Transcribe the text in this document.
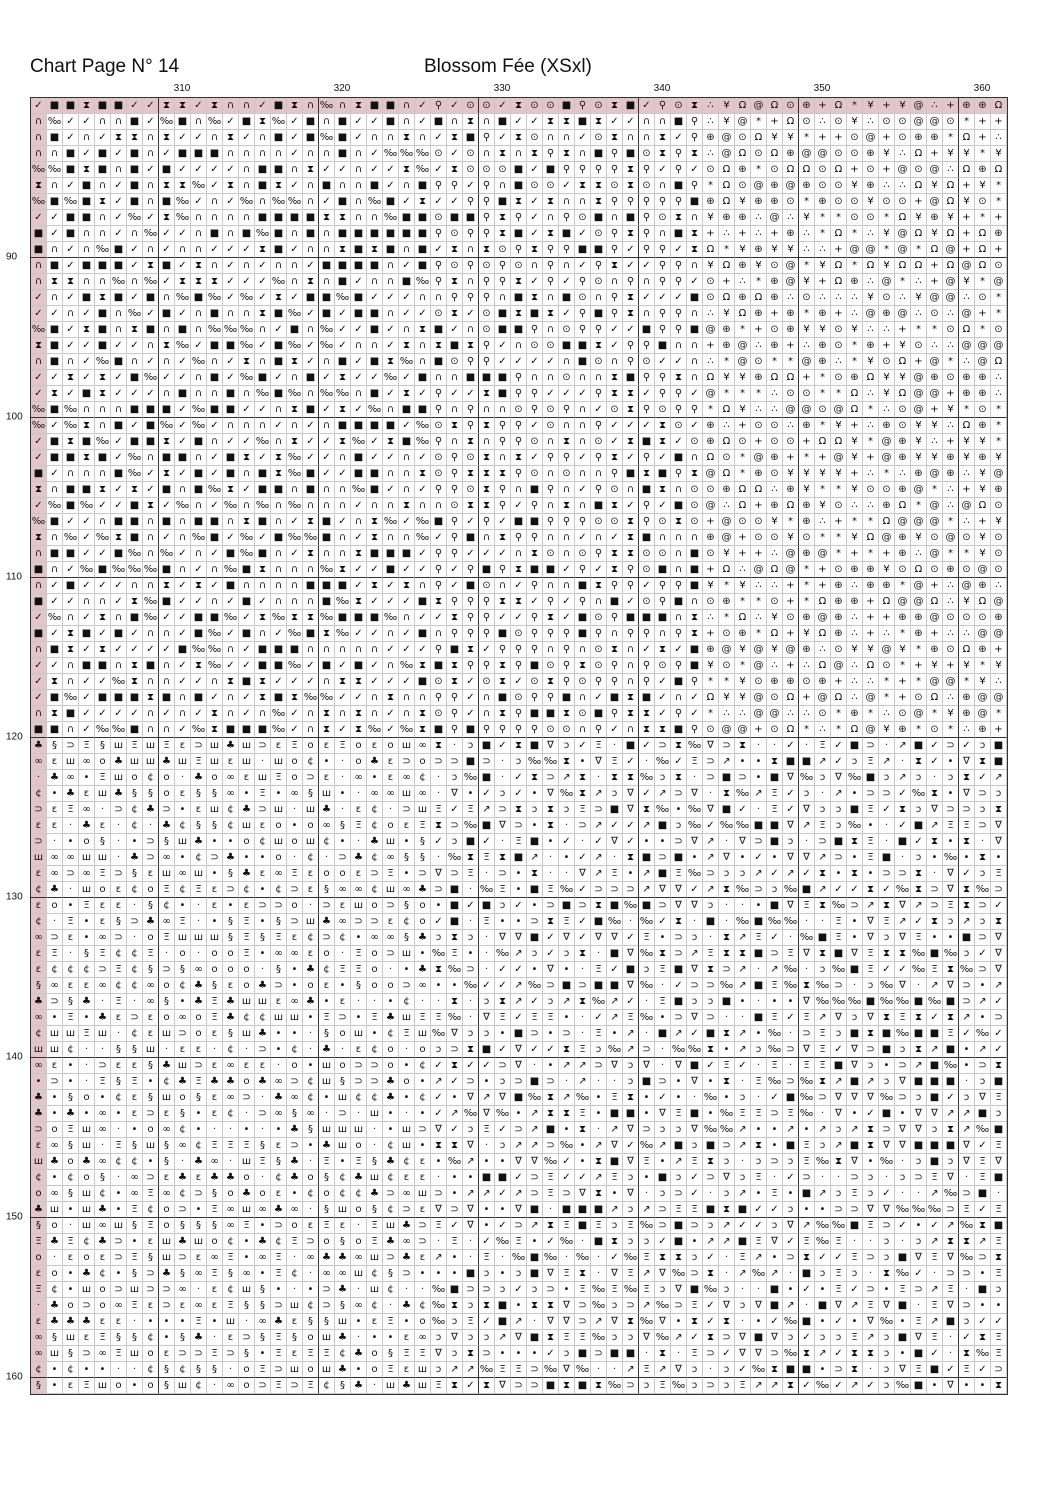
Chart Page N° 14	Blossom Fée (XSxl)
310	320	330	340	350	360
90
100
110
120
130
140
150
160
✓ ■ ■ ⧗ ■ ■ ✓ ✓ ⧗ ⧗ ✓ ⧗ ∩ ∩ ✓ ■ ⧗ ∩ ‰ ∩ ⧗ ■ ■ ∩ ✓ ⚲ ✓ ⊙ ⊙ ✓ ⧗ ⊙ ⊙ ■ ⚲ ⊙ ⧗ ■ ✓ ⚲ ⊙ ⧗ ∴ ¥ Ω @ Ω ⊙ ⊕ + Ω *	¥ + ¥ @ ∴ + ⊕ ⊕ Ω
∩ ‰ ✓ ✓ ∩ ∩ ■ ✓ ‰ ■ ∩ ‰ ✓ ■ ⧗ ‰ ✓ ■ ∩ ■ ✓ ✓ ■ ∩ ✓ ■ ∩ ⧗ ∩ ■ ✓ ✓ ⧗ ⧗ ■ ⧗ ✓ ✓ ∩ ∩ ■ ⚲ ∴ ¥ @ * + Ω ⊙ ∴ ⊙ ¥ ∴ ⊙ ⊙ @ @ ⊙ * + +
∩ ■ ✓ ∩ ✓ ⧗ ⧗ ∩ ⧗ ✓ ✓ ∩ ⧗ ✓ ∩ ■ ✓ ■ ‰ ■ ✓ ∩ ∩ ⧗ ∩ ✓ ⧗ ■ ⚲ ✓ ⧗ ⊙ ∩ ∩ ✓ ⊙ ⧗ ∩ ∩ ⧗ ✓ ⚲ ⊕ @ ⊙ Ω ¥ ¥	* + + ⊙ @ + ⊙ ⊕ ⊕ * Ω + ∴
∩ ∩ ■ ✓ ■ ✓ ■ ∩ ✓ ■ ■ ■ ∩ ∩ ∩ ∩ ✓ ∩ ∩ ■ ∩ ✓ ‰ ‰ ‰ ⊙ ✓ ⊙ ∩ ⧗ ∩ ⧗ ⚲ ⧗ ∩ ■ ⚲ ■ ⊙ ⧗ ⚲ ⧗ ∴ @ Ω ⊙ Ω ⊕ @ @ ⊙ ⊙ ⊕ ¥ ∴ Ω + ¥ ¥	*	¥
‰ ‰ ■ ⧗ ■ ∩ ■ ✓ ■ ✓ ✓ ✓ ✓ ∩ ■ ■ ∩ ⧗ ✓ ✓ ∩ ✓ ✓ ⧗ ‰ ✓ ⧗ ⊙ ⊙ ⊙ ■ ✓ ■ ⚲ ⚲ ⚲ ⚲ ⧗ ⚲ ✓ ⚲ ✓ ⊙ Ω ⊕ * ⊙ Ω Ω ⊙ Ω + ⊙ + @ ⊙ @ ∴ Ω ⊕ Ω
⧗ ∩ ✓ ■ ∩ ✓ ■ ∩ ⧗ ⧗ ‰ ✓ ⧗ ∩ ■ ⧗ ✓ ∩ ■ ∩ ∩ ■ ✓ ∩ ■ ⚲ ⚲ ✓ ⚲ ∩ ■ ⊙ ⊙ ✓ ⧗ ⧗ ⊙ ⧗ ⊙ ∩ ■ ⚲ * Ω ⊙ @ ⊕ @ ⊕ ⊙ ⊙ ¥ ⊕ ∴ ∴ Ω ¥ Ω + ¥	*
‰ ■ ‰ ■ ⧗ ✓ ■ ∩ ■ ‰ ✓ ∩ ✓ ‰ ∩ ‰ ‰ ∩ ✓ ■ ∩ ‰ ■ ✓ ⧗ ✓ ✓ ⚲ ⚲ ■ ⧗ ✓ ⧗ ∩ ∩ ⧗ ⚲ ⚲ ⚲ ⚲ ⚲ ■ ⊕ Ω ¥ ⊕ ⊕ ⊙ * ⊕ ⊙ ⊙ ¥ ⊙ ⊙ + @ Ω ¥ ⊙ *
✓ ✓ ■ ■ ∩ ✓ ‰ ✓ ⧗ ‰ ∩ ∩ ∩ ∩ ■ ■ ■ ■ ⧗ ⧗ ∩ ∩ ‰ ■ ■ ⊙ ■ ■ ⚲ ⧗ ⚲ ✓ ∩ ⚲ ⊙ ■ ∩ ■ ⚲ ⊙ ⧗ ∩ ¥ ⊕ ⊕ ∴ @ ∴ ¥	*	* ⊙ ⊙ * Ω ¥ ⊕ ¥ + * +
■ ✓ ■ ∩ ∩ ✓ ∩ ‰ ✓ ✓ ∩ ■ ∩ ■ ‰ ■ ∩ ■ ∩ ■ ■ ■ ■ ■ ■ ⚲ ⊙ ⚲ ⚲ ⧗ ■ ✓ ⧗ ■ ✓ ⊙ ⚲ ⧗ ⚲ ∩ ■ ⧗ + ∴ + ∴ + ⊕ ∴	* Ω *	∴ ¥ @ Ω ¥ Ω + Ω ⊕
■ ∩ ✓ ∩ ‰ ■ ✓ ∩ ✓ ∩ ∩ ✓ ✓ ✓ ⧗ ■ ✓ ∩ ∩ ⧗ ■ ⧗ ■ ∩ ■ ✓ ⧗ ∩ ⧗ ⊙ ⚲ ⧗ ⚲ ⚲ ■ ■ ⚲ ✓ ⚲ ⚲ ✓ ⧗ Ω *	¥ ⊕ ¥ ¥ ∴ ∴ + @ @ * @ * Ω @ + Ω +
∩ ■ ✓ ■ ■ ■ ✓ ⧗ ■ ✓ ⧗ ∩ ✓ ∩ ✓ ∩ ∩ ✓ ■ ■ ■ ■ ∩ ✓ ■ ⚲ ⊙ ⚲ ⊙ ⚲ ⊙ ∩ ⚲ ∩ ✓ ⚲ ⧗ ✓ ✓ ⚲ ⚲ ∩ ¥ Ω ⊕ ¥ ⊙ @ *	¥ Ω * Ω ¥ Ω Ω + Ω @ Ω ⊙
∩ ⧗ ⧗ ∩ ∩ ‰ ∩ ‰ ✓ ⧗ ⧗ ⧗ ✓ ✓ ✓ ‰ ∩ ⧗ ∩ ■ ✓ ∩ ∩ ■ ‰ ⚲ ⧗ ∩ ⚲ ⚲ ⧗ ✓ ⚲ ✓ ⚲ ⊙ ∩ ⚲ ∩ ⚲ ⚲ ✓ ⊙ + ∴	* ⊕ @ ¥ + Ω ⊕ ∴ @ *	∴ + @ ¥	* @
✓ ∩ ✓ ■ ⧗ ■ ✓ ■ ∩ ‰ ■ ‰ ✓ ‰ ✓ ⧗ ✓ ■ ■ ‰ ■ ✓ ✓ ✓ ∩ ∩ ⚲ ⚲ ⚲ ∩ ■ ⧗ ∩ ■ ⊙ ∩ ⚲ ⧗ ✓ ✓ ✓ ■ ⊙ Ω ⊕ Ω ⊕ ∴ ⊙ ∴ ∴ ∴ ¥ ⊙ ∴ ¥ @ @ ∴ ⊙ *
✓ ✓ ∩ ✓ ■ ∩ ‰ ✓ ■ ✓ ∩ ■ ∩ ∩ ⧗ ■ ‰ ✓ ■ ✓ ■ ■ ∩ ✓ ✓ ⊙ ⧗ ✓ ⊙ ■ ⧗ ■ ⧗ ✓ ⚲ ■ ⚲ ⧗ ∩ ⚲ ⚲ ∩ ∴ ¥ Ω ⊕ + ⊕ * ⊕ + ∴ @ ⊕ @ ∴ ⊙ ∴ @ + *
‰ ■ ✓ ⧗ ■ ∩ ⧗ ■ ∩ ■ ∩ ‰ ‰ ‰ ∩ ✓ ■ ∩ ‰ ✓ ✓ ■ ✓ ∩ ⧗ ■ ✓ ∩ ⊙ ■ ■ ⚲ ∩ ⊙ ⚲ ⚲ ✓ ✓ ■ ⚲ ⚲ ■ @ ⊕ * + ⊙ ⊕ ¥ ¥ ⊙ ¥ ∴ ∴ + *	* ⊙ Ω * ⊙
⧗ ■ ✓ ✓ ■ ✓ ✓ ∩ ⧗ ‰ ✓ ■ ■ ‰ ✓ ■ ‰ ✓ ‰ ✓ ∩ ∩ ✓ ⧗ ∩ ⧗ ■ ⧗ ⚲ ✓ ∩ ⊙ ⊙ ■ ■ ⧗ ✓ ⚲ ⚲ ■ ∩ ∩ + ⊕ @ ∴ ⊕ + ∴ ⊕ ⊙ * ⊕ + ¥ ⊙ ∴ ∴ @ @ @
∩ ■ ∩ ✓ ‰ ■ ∩ ✓ ∩ ✓ ‰ ∩ ✓ ⧗ ∩ ■ ⧗ ✓ ∩ ■ ✓ ■ ⧗ ‰ ∩ ■ ⊙ ⚲ ⚲ ✓ ✓ ✓ ✓ ∩ ■ ⊙ ∩ ⚲ ⊙ ✓ ✓ ∩ ∴	* @ ⊙ *	* @ ⊕ ∴	*	¥ ⊙ Ω + @ *	∴ @ Ω
✓ ✓ ⧗ ✓ ⧗ ✓ ■ ‰ ✓ ✓ ∩ ■ ✓ ‰ ■ ✓ ∩ ■ ✓ ⧗ ✓ ✓ ‰ ✓ ■ ∩ ∩ ■ ■ ■ ⚲ ∩ ∩ ⊙ ∩ ∩ ⧗ ■ ⚲ ⚲ ⧗ ∩ Ω ¥ ¥ ⊕ Ω Ω + * ⊙ ⊕ Ω ¥ ¥ @ ⊕ ⊙ ⊕ ⊕ ∴
✓ ⧗ ✓ ■ ⧗ ✓ ✓ ✓ ∩ ■ ∩ ∩ ■ ∩ ‰ ■ ‰ ∩ ‰ ‰ ∩ ■ ✓ ⧗ ✓ ⚲ ✓ ✓ ⧗ ■ ⚲ ⚲ ✓ ✓ ✓ ⚲ ⧗ ⧗ ✓ ⚲ ⚲ ✓ @ *	*	*	∴ ⊙ ⊙ *	* Ω ∴ ¥ Ω @ @ + ⊕ ⊕ ∴
‰ ■ ‰ ∩ ∩ ∩ ■ ■ ■ ✓ ‰ ■ ■ ✓ ✓ ∩ ⧗ ■ ✓ ⧗ ✓ ‰ ∩ ■ ■ ⚲ ∩ ⚲ ∩ ∩ ⊙ ⚲ ⊙ ⚲ ∩ ✓ ⊙ ⧗ ⚲ ⊙ ⚲ ⚲ * Ω ¥ ∴ ∴ @ @ ⊙ @ Ω *	∴ ⊙ @ + ¥	* ⊙ *
‰ ✓ ‰ ⧗ ∩ ■ ✓ ■ ‰ ✓ ‰ ✓ ∩ ∩ ∩ ✓ ∩ ✓ ∩ ■ ■ ■ ■ ✓ ‰ ⊙ ⧗ ⚲ ⧗ ⚲ ⚲ ✓ ⊙ ∩ ∩ ⚲ ✓ ✓ ✓ ⧗ ⊙ ✓ ⊕ ∴ + ⊙ ⊙ ∴ ⊕ *	¥ + ∴ ⊕ ⊙ ¥ ¥ ∴ Ω ⊕ *
✓ ■ ⧗ ■ ‰ ✓ ■ ■ ⧗ ✓ ■ ∩ ✓ ✓ ‰ ∩ ⧗ ✓ ✓ ⧗ ‰ ✓ ⧗ ■ ‰ ⚲ ∩ ⧗ ∩ ⚲ ⚲ ⊙ ∩ ⧗ ∩ ⊙ ✓ ⧗ ■ ⧗ ✓ ⊙ ⊕ Ω ⊙ + ⊙ ⊙ + Ω Ω ¥	* @ ⊕ ¥ ∴ + ¥ ¥	*
✓ ■ ■ ⧗ ■ ✓ ‰ ∩ ■ ■ ∩ ✓ ■ ⧗ ✓ ⧗ ‰ ✓ ✓ ∩ ■ ✓ ✓ ∩ ✓ ⊙ ⚲ ⊙ ⧗ ∩ ⧗ ✓ ⚲ ⚲ ✓ ⚲ ⧗ ✓ ⚲ ✓ ■ ∩ Ω ⊙ * @ ⊕ + * + @ ¥ + @ ⊕ ¥ ¥ ⊕ ¥ ⊕ ¥
■ ✓ ∩ ∩ ∩ ■ ‰ ✓ ⧗ ✓ ■ ✓ ■ ∩ ■ ⧗ ‰ ■ ✓ ✓ ■ ■ ∩ ∩ ⧗ ⊙ ⚲ ⧗ ⧗ ⧗ ⚲ ⊙ ∩ ⊙ ∩ ∩ ⚲ ■ ⧗ ■ ⚲ ⧗ @ Ω * ⊕ ⊙ ¥ ¥ ¥ ¥ + ∴	*	∴ ⊕ @ ⊕ ∴ ¥ @
⧗ ∩ ■ ■ ⧗ ✓ ⧗ ✓ ■ ∩ ■ ‰ ⧗ ✓ ■ ■ ∩ ■ ∩ ∩ ‰ ■ ✓ ∩ ✓ ⚲ ⚲ ⊙ ⧗ ⚲ ∩ ■ ⚲ ∩ ✓ ⚲ ⊙ ∩ ■ ⧗ ∩ ⊙ ⊙ ⊕ Ω Ω ∴ ⊕ ¥	*	*	¥ ⊙ ⊙ ⊕ @ *	∴ + ¥ ⊕
✓ ‰ ■ ‰ ✓ ✓ ■ ⧗ ✓ ‰ ∩ ✓ ‰ ∩ ‰ ∩ ‰ ∩ ∩ ∩ ✓ ∩ ∩ ⧗ ∩ ∩ ⊙ ⧗ ⧗ ⚲ ✓ ⚲ ∩ ⧗ ∩ ■ ⧗ ✓ ⚲ ✓ ■ ⊙ @ ∴ Ω + ⊕ Ω ⊕ ¥ ⊙ ∴ ∴ ⊕ Ω * @ ∴ @ Ω ⊙
‰ ■ ✓ ✓ ∩ ■ ■ ∩ ■ ∩ ■ ■ ∩ ⧗ ■ ∩ ✓ ⧗ ■ ✓ ∩ ⧗ ‰ ✓ ‰ ■ ⚲ ✓ ⚲ ✓ ■ ■ ⚲ ⚲ ⚲ ⊙ ⊙ ⧗ ⚲ ⊙ ⧗ ⊙ + @ ⊙ ⊙ ¥	* ⊕ ∴ + *	* Ω @ @ @ *	∴ + ¥
⧗ ∩ ‰ ✓ ‰ ⧗ ■ ∩ ✓ ∩ ‰ ■ ✓ ‰ ✓ ■ ‰ ‰ ■ ∩ ✓ ⧗ ∩ ∩ ‰ ✓ ⚲ ■ ∩ ⧗ ⚲ ⚲ ∩ ∩ ✓ ∩ ✓ ⧗ ■ ∩ ∩ ∩ ⊕ @ + ⊙ ⊙ ¥ ⊙ *	*	¥ Ω @ ⊕ ¥ ⊙ @ ⊙ ¥ ⊙
∩ ■ ■ ✓ ✓ ■ ‰ ∩ ‰ ✓ ∩ ✓ ■ ‰ ■ ∩ ✓ ⧗ ∩ ∩ ⧗ ■ ■ ■ ✓ ⚲ ⚲ ✓ ✓ ✓ ∩ ⧗ ⊙ ∩ ⊙ ⚲ ⧗ ⧗ ⊙ ⊙ ∩ ■ ⊙ ¥ + + ∴ @ ⊕ @ * + * + ⊕ ∴ @ *	*	¥ ⊙
■ ∩ ✓ ‰ ■ ‰ ‰ ‰ ■ ∩ ✓ ∩ ‰ ■ ⧗ ∩ ∩ ∩ ‰ ⧗ ✓ ✓ ■ ✓ ✓ ⚲ ✓ ⚲ ■ ⚲ ⧗ ■ ■ ✓ ⚲ ✓ ⧗ ⚲ ⊙ ■ ∩ ■ + Ω ∴ @ Ω @ * + ⊙ ⊕ ⊕ ¥ ⊙ Ω ⊙ ⊕ ⊙ @ ⊙
∩ ✓ ■ ✓ ✓ ✓ ∩ ∩ ⧗ ✓ ⧗ ✓ ■ ∩ ∩ ∩ ∩ ■ ■ ■ ✓ ⧗ ✓ ⧗ ∩ ⚲ ✓ ■ ⊙ ∩ ✓ ⚲ ∩ ∩ ■ ⧗ ⚲ ⚲ ✓ ⚲ ⚲ ■ ¥	*	¥ ∴ ∴ + * + ⊕ ∴ ⊕ ⊕ * @ + ∴ @ ⊕ ∴
■ ✓ ✓ ∩ ∩ ✓ ⧗ ‰ ■ ✓ ✓ ∩ ✓ ■ ✓ ∩ ∩ ∩ ■ ‰ ⧗ ✓ ✓ ✓ ■ ⧗ ⚲ ⚲ ⚲ ⧗ ⧗ ✓ ⚲ ✓ ⚲ ∩ ■ ✓ ⊙ ⚲ ■ ∩ ⊙ ⊕ *	* ⊙ + * Ω ⊕ ⊕ + Ω @ @ Ω ∴ ¥ Ω @
✓ ‰ ∩ ✓ ⧗ ∩ ■ ‰ ✓ ✓ ■ ■ ‰ ✓ ⧗ ‰ ⧗ ⧗ ‰ ■ ■ ■ ‰ ∩ ✓ ✓ ⧗ ⚲ ⚲ ✓ ✓ ⚲ ⧗ ✓ ■ ⊙ ⚲ ■ ■ ■ ∩ ⧗ ∴	* Ω ∴ ¥ ⊙ ⊕ @ ⊕ ∴ + + ⊕ ⊕ @ ⊙ ⊙ ⊙ ⊕
■ ✓ ⧗ ■ ✓ ■ ✓ ∩ ∩ ✓ ■ ‰ ✓ ■ ∩ ✓ ‰ ■ ⧗ ‰ ✓ ✓ ∩ ✓ ■ ∩ ⚲ ⚲ ⚲ ■ ⊙ ⚲ ⚲ ⚲ ■ ⚲ ∩ ⚲ ⚲ ∩ ⚲ ⧗ + ⊙ ⊕ * Ω + ¥ Ω ⊕ ∴ + ∴	* ⊕ + ∴ ∴ @ @
∩ ■ ⧗ ✓ ⧗ ✓ ✓ ✓ ✓ ■ ‰ ‰ ∩ ✓ ■ ■ ■ ∩ ∩ ∩ ∩ ∩ ✓ ✓ ✓ ⚲ ■ ⧗ ✓ ⚲ ⚲ ⚲ ∩ ⚲ ∩ ⊙ ⧗ ∩ ✓ ⧗ ✓ ■ ⊕ @ ¥ @ ¥ @ ⊕ ∴ ⊙ ¥ ¥ @ ¥	* ⊕ ⊙ Ω ⊕ +
✓ ✓ ∩ ■ ■ ∩ ⧗ ■ ∩ ✓ ⧗ ‰ ✓ ✓ ■ ■ ‰ ✓ ■ ✓ ■ ✓ ∩ ‰ ⧗ ■ ⧗ ⚲ ⚲ ⧗ ⚲ ■ ⊙ ⚲ ⧗ ⊙ ⚲ ∩ ⚲ ⊙ ⚲ ■ ¥ ⊙ * @ ∴ + ∴ Ω @ ∴ Ω ⊙ * + ¥ + ¥	*	¥
✓ ⧗ ∩ ✓ ✓ ‰ ⧗ ∩ ∩ ✓ ✓ ∩ ⧗ ■ ⧗ ✓ ✓ ✓ ∩ ⧗ ⧗ ✓ ✓ ✓ ■ ⊙ ⧗ ✓ ⊙ ⧗ ✓ ⊙ ⧗ ⚲ ⊙ ⚲ ⚲ ∩ ⚲ ✓ ■ ⚲ *	*	¥ ⊙ ⊕ ⊕ ⊙ ⊕ + ∴ ∴	* + * @ @ *	¥ ∴
✓ ■ ‰ ✓ ■ ■ ■ ⧗ ■ ∩ ■ ✓ ∩ ✓ ⧗ ■ ⧗ ‰ ‰ ✓ ✓ ∩ ⧗ ∩ ∩ ⚲ ⚲ ✓ ∩ ■ ⊙ ⚲ ⚲ ■ ∩ ✓ ■ ⧗ ■ ✓ ∩ ✓ Ω ¥ ¥ @ ⊙ Ω + @ Ω ∴ @ * + ⊙ Ω ∴ ⊕ @ @
∩ ⧗ ■ ✓ ✓ ✓ ✓ ∩ ✓ ∩ ✓ ⧗ ∩ ✓ ∩ ‰ ✓ ∩ ⧗ ∩ ⧗ ∩ ✓ ∩ ⧗ ⊙ ⚲ ✓ ∩ ⧗ ⚲ ■ ■ ⧗ ⊙ ■ ⚲ ⧗ ⧗ ✓ ⚲ ✓ *	∴ ∴ @ @ ∴ ∴ ⊙ * ⊕ *	∴ ⊙ @ *	¥ ⊕ @ *
■ ■ ∩ ✓ ‰ ‰ ■ ∩ ∩ ✓ ‰ ⧗ ■ ■ ■ ‰ ✓ ∩ ⧗ ✓ ⧗ ‰ ✓ ‰ ⧗ ■ ⚲ ■ ⚲ ⚲ ⚲ ⚲ ⊙ ⊙ ∩ ⚲ ✓ ∩ ⧗ ⧗ ■ ⚲ ⊙ @ @ + ⊙ Ω *	∴	* Ω @ ¥ ⊕ * ⊙ *	∴ ⊕ +
♣ § ⊃ Ξ	§ ш Ξ ш Ξ	ε ⊃ ш ♣ ш ⊃ ε	Ξ o	ε	Ξ o	ε	o ш ∞ ⧗	·	ɔ ■ ✓ ⧗ ■ ∇ ɔ ✓ Ξ	· ■ ✓ ⊃ ⧗ ‰ ∇ ⊃ ⧗	·	·	✓	·	Ξ ✓ ■ ⊃	·	↗ ■ ✓ ⊃ ✓ ɔ ■
∞ ε ш ∞ o ♣ ш ш ♣ ш Ξ ш ε ш · ш o ¢ •	·	o ♣ ε ⊃ o ⊃ ⊃ ■ ⊃	·	ɔ ‰ ‰ ⧗ • ∇ Ξ ✓	· ‰ ✓ Ξ ⊃ ↗ •	• ⧗ ■ ■ ↗ ✓ ɔ	Ξ ↗	·	⧗ ✓ • ∇ ⧗ ■
· ♣ ∞ • Ξ ш o ¢ o	· ♣ o ∞ ε ш Ξ o ⊃ ε	·	∞ •	ε ∞ ¢	·	ɔ ‰ ■ ·	✓ ⧗ ⊃ ↗ ⧗	·	⧗ ⧗ ‰ ɔ ⧗	·	⊃ ■ ⊃ • ■ ∇ ‰ ɔ ∇ ‰ ■ ɔ ↗ ɔ	·	ɔ ⧗ ✓ ↗
¢ • ♣ ε ш ♣ §	§	o	ε	§	§ ∞ • Ξ • ∞ § ш •	·	∞ ∞ ш ∞	·	∇ • ✓ ɔ ✓ • ∇ ‰ ⧗ ↗ ɔ ∇ ✓ ↗ ⊃ ∇	·	⧗ ‰ ↗ Ξ ✓ ɔ	·	↗ • ⊃ ⊃ ✓ ‰ ⧗ • ∇ ⊃ ɔ
⊃ ε	Ξ ∞	·	⊃ ¢ ♣ ⊃ •	ε ш ¢ ♣ ⊃ ш · ш ♣ ·	ε	¢	·	⊃ ш Ξ ✓ Ξ ↗ ⊃ ⧗ ɔ ⧗ ɔ	Ξ ⊃ ■ ∇ ⧗ ‰ • ‰ ∇ ■ ✓	·	Ξ ✓ ∇ ɔ	ɔ ■ Ξ ✓ ⧗ ɔ ∇ ⊃ ⊃ ɔ ⧗
ε	ε	· ♣ ε	·	¢	· ♣ ¢	§	§	¢ ш ε	o • o ∞ §	Ξ ¢ o	ε	Ξ ⧗ ⊃ ‰ ■ ∇ ⊃ • ⧗	·	⊃ ↗ ✓ ✓ ↗ ■ ɔ ‰ ✓ ‰ ‰ ■ ■ ∇ ↗ Ξ	ɔ ‰ •	·	✓ ■ ↗ Ξ Ξ ⊃ ∇
⊃	·	• o	§	·	• ⊃ § ш ♣ •	• o ¢ ш o ш ¢ •	· ♣ ш •	§ ✓ ɔ ■ ✓	·	Ξ ■ • ✓	·	✓ ∇ ✓ •	• ⊃ ∇ ↗	·	∇ ⊃ ■ ɔ	·	⊃ ■ ⧗ Ξ	· ■ ✓ ⧗ • ⧗	·	∇
ш ∞ ∞ ш ш · ♣ ⊃ ∞ • ¢ ⊃ ♣ •	• o	·	¢	·	⊃ ♣ ¢ ∞ §	§	· ‰ ⧗ Ξ ⧗ ■ ↗	·	• ✓ ↗	·	⧗ ■ ⊃ ■ • ↗ ∇ • ✓ • ∇ ∇ ↗ ⊃ • Ξ ■ ·	ɔ	• ‰ • ⧗ •
ε ∞ ⊃ ∞ Ξ ⊃ §	ε ш ∞ ш •	§ ♣ ε ∞ Ξ	ε	o o	ε ⊃ Ξ • ⊃ ∇ ⊃ Ξ	·	⊃ • ⧗	·	·	∇ ↗ Ξ • ↗ ■ Ξ ‰ ⊃ ɔ	ɔ ↗ ✓ ↗ ✓ ⧗ • ⧗ • ⊃ ⊃ ⧗	·	∇ ✓ ɔ	Ξ
¢ ♣ · ш o	ε	¢ o Ξ ¢ Ξ	ε ⊃ ¢ • ¢ ⊃ ε	§ ∞ ∞ ¢ ш ∞ ♣ ⊃ ■ · ‰ Ξ • ■ Ξ ‰ ✓ ⊃ ⊃ ⊃ ↗ ∇ ∇ ✓ ↗ ⧗ ‰ ⊃ ɔ ‰ ■ ↗ ✓ ✓ ⧗ ✓ ‰ ⧗ ⊃ ∇ ⧗ ‰ ⊃
ε	o • Ξ	ε	ε	·	§	¢ •	·	ε	•	ε ⊃ ⊃ o	·	⊃ ε ш o ⊃ §	o • ■ ✓ ■ ɔ ✓ • ⊃ ■ ⊃ ⧗ ■ ‰ ■ ⊃ ∇ ∇ ɔ	·	·	• ■ ∇ Ξ ⧗ ‰ ⊃ ↗ ⧗ ∇ ↗ ⊃ Ξ ⧗ ⊃ ✓
¢	·	Ξ •	ε	§ ⊃ ♣ ∞ Ξ	·	•	§	Ξ •	§ ⊃ ш ♣ ∞ ⊃ ⊃ ε	¢ o ✓ ■ ·	Ξ •	• ⊃ ⧗ Ξ ✓ ■ ‰ · ‰ ✓ ⧗	· ■ · ‰ ■ ‰ ‰ ·	·	Ξ • ∇ Ξ ↗ ✓ ⧗ ɔ ↗ ɔ ⧗
∞ ⊃ ε	• ∞ ⊃	·	o Ξ ш ш ш §	Ξ	§	Ξ	ε	¢ ⊃ ¢ • ∞ ∞ § ♣ ɔ ⧗ ɔ	·	∇ ∇ ■ ✓ ∇ ✓ ∇ ∇ ✓ Ξ • ⊃ ɔ	·	⧗ ↗ Ξ ✓	· ‰ ■ Ξ • ∇ ɔ ∇ Ξ •	• ■ ⊃ ∇
ε	Ξ	·	§	Ξ ¢ ¢ Ξ	·	o	·	o o Ξ • ∞ ∞ ε	o	·	Ξ o ⊃ ш • ‰ Ξ •	· ‰ ↗ ɔ ✓ ɔ ⧗	· ■ ∇ ‰ ⧗ ⊃ ↗ Ξ ⧗ ⧗ ■ ⊃ Ξ ∇ ⧗ ■ ∇ Ξ ⧗ ⧗ ‰ ■ ‰ ɔ ✓ ∇
ε	¢ ¢ ¢ ⊃ Ξ ¢	§ ⊃ § ∞ o o o	·	§	• ♣ ¢ Ξ Ξ o	·	• ♣ ⧗ ‰ ⊃	·	✓ ✓ • ∇ •	·	Ξ ✓ ■ ɔ	Ξ ■ ∇ ⧗ ⊃ ↗	·	↗ ‰ ·	ɔ ‰ ■ Ξ ✓ ✓ ‰ Ξ ⧗ ‰ ⊃ ∇
§ ∞ ε	ε ∞ ¢ ¢ ∞ o ¢ ♣ §	ε	o ♣ ⊃ • o	ε	•	§	o o ⊃ ∞ •	• ‰ ✓ ✓ ↗ ‰ ⊃ ■ ⊃ ■ ■ ∇ ‰ ·	✓ ⊃ ⊃ ‰ ↗ ■ Ξ ‰ ⧗ ‰ ⊃	·	ɔ ‰ ∇	·	↗ ∇ ⊃ • ↗
♣ ⊃ § ♣ ·	Ξ	·	∞ §	• ♣ Ξ ♣ ш ш ε ∞ ♣ •	ε	·	·	• ¢	·	·	⧗	·	ɔ ⧗ ↗ ✓ ɔ ↗ ⧗ ‰ ↗ ✓	·	Ξ ■ ɔ	ɔ ■ •	·	•	• ∇ ‰ ‰ ‰ ■ ‰ ‰ ■ ‰ ■ ⊃ ↗ ✓
∞ • Ξ • ♣ ε ⊃ ε	o ∞ o Ξ ♣ ¢ ¢ ш ш • Ξ ⊃ • Ξ ♣ ш Ξ Ξ ‰ ·	∇ Ξ ✓ Ξ Ξ •	·	✓ ↗ Ξ ‰ • ⊃ ∇ ⊃	·	· ■ Ξ ✓ Ξ ↗ ∇ ɔ ∇ ⧗ Ξ ⧗ ✓ ⧗ ↗ • ⊃
¢ ш ш Ξ ш ·	¢	ε ш ⊃ o	ε	§ ш ♣ •	•	·	§	o ш • ¢ Ξ ш ‰ ∇ ɔ	ɔ	• ■ ⊃ • ⊃	·	Ξ • ↗	· ■ ↗ ✓ ■ ⧗ ↗ • ‰ ·	⊃ Ξ	ɔ ■ ⧗ ■ ‰ ■ ■ Ξ ✓ ‰ ✓
ш ш ¢	·	·	§	§ ш ·	ε	ε	·	¢	·	⊃ • ¢	· ♣ ·	ε	¢ o	·	o	ɔ ⊃ ⧗ ■ ✓ ∇ ✓ ✓ ⧗ Ξ	ɔ ‰ ↗ ⊃	· ‰ ‰ ⧗ • ↗ ɔ ‰ ⊃ ∇ Ξ ✓ ∇ ⊃ ■ ɔ ⧗ ↗ ■ • ↗ ✓
∞ ε	•	·	⊃ ε	ε	§ ♣ ш ⊃ ε ∞ ε	ε	·	o • ш o ⊃ ⊃ o • ¢ ✓ ⧗ ✓ ✓ ⊃ ∇	·	• ↗ ↗ ⊃ ∇ ɔ ∇	·	∇ ■ ✓ Ξ ✓	·	Ξ	·	Ξ Ξ ■ ∇ ɔ	• ⊃ ↗ ■ ‰ • ⊃ ⧗
• ⊃ •	·	Ξ	§	Ξ • ¢ ♣ Ξ ♣ ♣ o ♣ ∞ ⊃ ¢ ш § ⊃ ⊃ ♣ o • ↗ ✓ ⊃ •	ɔ ⊃ ■ ⊃	·	↗	·	·	ɔ ■ ⊃ • ∇ • ⧗	·	Ξ ‰ ⊃ ‰ ⧗ ↗ ■ ↗ ɔ ∇ ■ ■ ■ ·	ɔ ■
♣ •	§	o • ¢	ε	§ ш o	§	ε ∞ ⊃	· ♣ ∞ ¢ • ш ¢ ¢ ♣ • ¢ ✓ • ∇ ↗ ∇ ■ ‰ ⧗ ↗ ‰ • Ξ ⧗ • ✓ •	· ‰ •	ɔ	·	✓ ■ ‰ ⊃ ∇ ∇ ∇ ‰ ⊃ ɔ ■ ✓ ɔ ∇ Ξ
♣ • ♣ • ∞ •	ε ⊃ ε	§	•	ε	¢	·	⊃ ∞ § ∞	·	⊃	· ш •	·	• ✓ ↗ ‰ ∇ ‰ • ↗ ⧗ ⧗ Ξ • ■ ■ • ∇ Ξ ■ • ‰ Ξ Ξ ⊃ Ξ ‰ ·	∇ • ✓ ■ • ∇ ∇ ↗ ↗ ■ ɔ
⊃ o Ξ ш ∞	·	• o ∞ ¢ •	·	·	•	·	• ♣ § ш ш ш ·	• ш ⊃ ∇ ✓ ɔ	Ξ ✓ ⊃ ↗ ■ • ⧗	·	↗ ∇ ⊃ ɔ	ɔ ∇ ‰ ‰ ↗ •	• ↗ • ↗ ɔ ↗ ⧗ ⊃ ∇ ∇ ɔ ⧗ ↗ ‰ ■
ε ∞ § ш ·	Ξ	§ ш § ∞ ¢ Ξ Ξ Ξ	§	ε ⊃ • ♣ ш o	·	¢ ш • ⧗ ⧗ ∇	·	ɔ ↗ ↗ ⊃ ‰ • ↗ ∇ ✓ ‰ ↗ ■ ɔ ■ ⊃ ↗ ⧗ • ■ Ξ	ɔ ↗ ■ ⧗ ∇ ∇ ■ ■ ■ ∇ ✓ Ξ
ш ♣ o ♣ ∞ ¢ ¢ •	§	· ♣ ∞	· ш Ξ	§ ♣ ·	Ξ • Ξ	§ ♣ ¢	ε	• ‰ ↗ •	• ∇ ∇ ‰ ✓ • ⧗ ■ ∇ Ξ • ↗ Ξ ⧗ ɔ	·	ɔ ⊃ ɔ	Ξ ‰ ⧗ ∇ • ‰ ·	ɔ ■ ɔ ∇ Ξ ∇
¢ • ¢ o	§	·	∞ ⊃ ε ♣ ε ♣ ♣ o	·	¢ ♣ o	§	¢ ♣ ш ¢	ε	ε	·	•	• ■ ■ ✓ ⊃ Ξ ✓ ✓ ↗ Ξ	ɔ	• ■ ɔ ✓ ⊃ ∇ ɔ	Ξ	·	✓ ⊃	·	·	⊃ ɔ	·	ɔ ⊃ Ξ ∇	·	Ξ ■
o ∞ § ш ¢ • ∞ Ξ ∞ ¢ ⊃ §	o ♣ o	ε	• ¢ o ¢ ¢ ♣ ⊃ ∞ ш ⊃ • ↗ ↗ ✓ ↗ ⊃ Ξ ⊃ ∇ ⧗ • ∇	·	ɔ ⊃ ✓	·	ɔ ↗ • Ξ • ■ ↗ ɔ	Ξ	ɔ ✓	·	·	↗ ‰ ⊃ ■ ·
♣ ш • ш ♣ • Ξ ¢ o ⊃ • Ξ ∞ ш ∞ ♣ ∞	·	§ ш o	§	¢ ⊃ ε ∇ ⊃ ∇ •	• ∇ ■ · ■ ■ ■ ↗ ɔ ↗ ⊃ Ξ Ξ ■ ⧗ ■ ✓ ✓ ɔ	•	• ⊃ ⊃ ∇ ∇ ‰ ‰ ‰ ⊃ Ξ ✓ Ξ
§	o	· ш ∞ ш §	Ξ o	§	§	§ ∞ Ξ • ⊃ o	ε	Ξ	ε	·	Ξ ш ♣ ⊃ Ξ ✓ ∇ • ✓ ⊃ ↗ ⧗ Ξ ■ Ξ	ɔ	Ξ ‰ ⊃ ■ ⊃ ɔ ↗ ✓ ✓ ɔ ∇ ↗ ‰ ‰ ■ Ξ ⊃ ✓ • ✓ ↗ ‰ ⧗ ■
Ξ ♣ Ξ ¢ ♣ ⊃ •	ε ш ♣ ш o ¢ • ♣ ¢ Ξ ⊃ o	§	o Ξ ♣ ∞ ⊃	·	Ξ	·	✓ ‰ Ξ • ✓ ‰ · ■ ⧗ ɔ	ɔ ✓ ■ • ↗ ↗ ■ Ξ ∇ ✓ Ξ ‰ Ξ	·	·	ɔ	·	ɔ ↗ ⧗ ⧗ ↗ Ξ
o	·	ε	o	ε ⊃ Ξ	§ ш ⊃ ε ∞ Ξ • ∞ Ξ	·	∞ ♣ ♣ ∞ ш ⊃ ♣ ε ↗ •	·	Ξ	· ‰ ■ ‰ · ‰ ·	✓ ‰ Ξ ⧗ ⧗ ɔ ✓	·	Ξ ↗ • ⊃ ⧗ ✓ ✓ Ξ ⊃ ɔ ■ ∇ Ξ ∇ ‰ ⊃ ⧗
ε	o • ♣ ¢ •	§ ⊃ ♣ § ∞ Ξ	§ ∞ • Ξ ¢	·	∞ ∞ ш ¢	§ ⊃ •	•	• ■ ɔ	•	ɔ ■ ∇ Ξ ⧗	·	∇ Ξ ↗ ∇ ‰ ⊃ ⧗	·	↗ ‰ ↗	· ■ ɔ	Ξ	ɔ	·	⧗ ‰ ✓	·	⊃ ⊃ • Ξ
Ξ ¢ • ш o ⊃ ш ⊃ ⊃ ∞	·	ε	¢ ш §	•	·	• ⊃ ♣ · ш ¢	·	· ‰ ■ ⊃ ⊃ ɔ ✓ ɔ ⊃ • Ξ ‰ Ξ ‰ Ξ	ɔ ∇ ■ ‰ ɔ	·	· ■ • ✓ • Ξ ✓ ⊃ • Ξ ⊃ ↗ Ξ	· ■ ɔ
· ♣ o ⊃ o ∞ Ξ	ε ⊃ ε ∞ ε	Ξ	§	§ ⊃ ш ¢ ⊃ § ∞ ¢	· ♣ ¢ ‰ ⧗ ɔ ⧗ ■ • ⧗ ⧗ ∇ ⊃ ‰ ɔ ⊃ ↗ ‰ ⊃ Ξ ✓ ∇ ɔ ∇ ■ ↗	· ■ ∇ ↗ Ξ ∇ ■ ·	Ξ ∇ ⊃ •	•
ε ♣ ♣ ♣ ε	ε	·	•	•	• Ξ • ш ·	∞ ♣ ε	§	§ ш •	ε	Ξ • o ‰ ɔ	Ξ ✓ ■ ↗	·	∇ ∇ ⊃ ↗ ∇ ⧗ ‰ ∇ • ⧗ ✓ ⧗	·	• ✓ ‰ ■ • ✓ • ∇ ‰ • Ξ ↗ ■ ɔ ✓ ✓
∞ § ш ε	Ξ	§	§	¢ •	§ ♣ ·	ε ⊃ §	Ξ	§	o ш ♣ ·	•	•	ε ∞ ɔ ∇ ɔ	ɔ ↗ ∇ ■ ⧗ Ξ Ξ ‰ ɔ	ɔ ∇ ‰ ↗ ✓ ⧗ ⊃ ∇ ■ ∇ ɔ ✓ ɔ	ɔ	Ξ ↗ ɔ ■ ∇ Ξ	·	✓ ⧗ Ξ
∞ ш § ⊃ ∞ Ξ ш o	ε ⊃ ⊃ Ξ ⊃ §	• Ξ	ε	Ξ Ξ ¢ ♣ o	§	Ξ Ξ ∇ ɔ ⧗ ⊃ •	•	• ✓ ɔ ■ ⊃ ■ ■ ·	⧗	·	Ξ ⊃ ✓ ∇ ∇ ⊃ ‰ ⧗ ↗ ✓ ⧗ ⧗ ɔ	• ■ ✓	·	⧗ ‰ Ξ
¢ • ¢ •	•	·	·	¢	§	¢	§	§	·	o Ξ ⊃ ш o ш ♣ • o Ξ	ε ш ɔ ↗ ↗ ‰ Ξ Ξ ⊃ ‰ ∇ ‰ ·	·	↗ Ξ ↗ ∇ ɔ	·	ɔ ✓ ‰ ⧗ ■ ■ • ⊃ ⧗	·	ɔ ∇ Ξ ■ ✓ Ξ ✓ ⊃
§	•	ε	Ξ ш o • o	§ ш ¢	·	∞ o ⊃ Ξ ⊃ Ξ ¢	§ ♣ · ш ♣ ш Ξ ⧗ ✓ ⧗ ∇ ⊃ ⊃ ■ ⧗ ■ ⧗ ‰ ⊃ ɔ	Ξ ‰ ɔ ⊃ ɔ	Ξ ↗ ↗ ⧗ ✓ ‰ ✓ ↗ ✓ ɔ ‰ ■ • ∇ •	• ⧗
